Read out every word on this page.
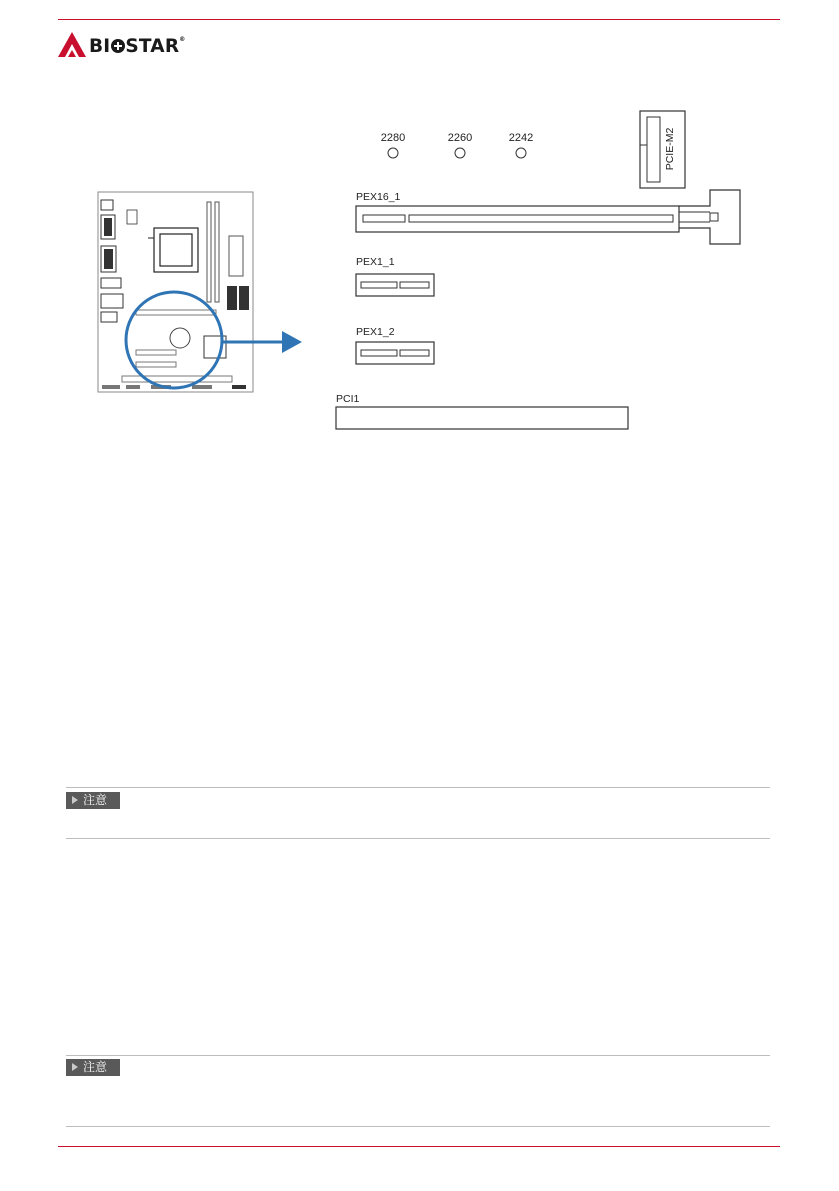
BI STAR®
2280	2260	2242	PCIE-M2
PEX16_1
PEX1_1
PEX1_2
PCI1
注意
注意
